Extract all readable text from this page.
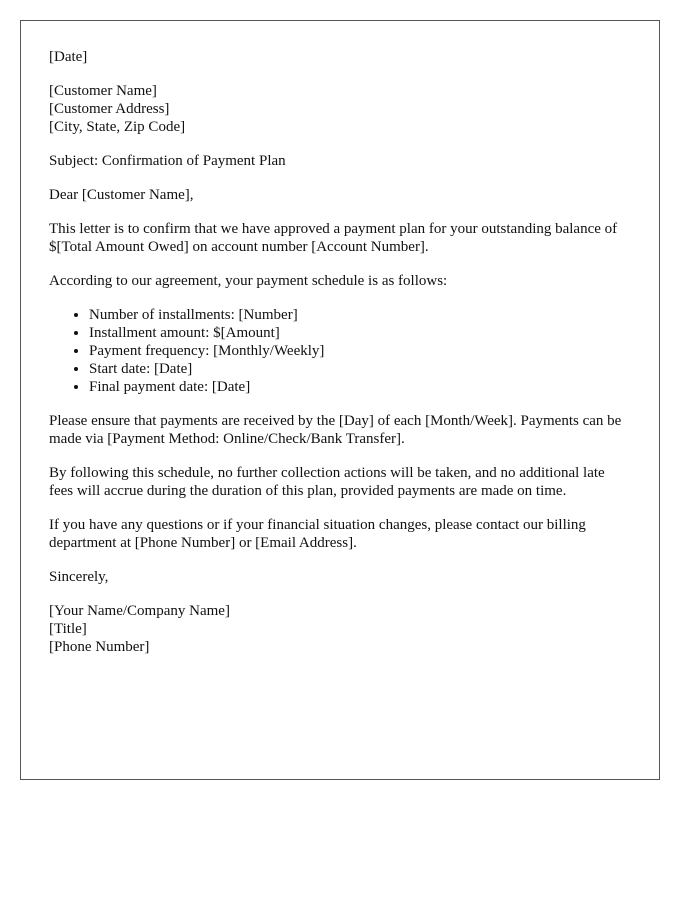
[Date]

[Customer Name]
[Customer Address]
[City, State, Zip Code]

Subject: Confirmation of Payment Plan

Dear [Customer Name],

This letter is to confirm that we have approved a payment plan for your outstanding balance of $[Total Amount Owed] on account number [Account Number].

According to our agreement, your payment schedule is as follows:

• Number of installments: [Number]
• Installment amount: $[Amount]
• Payment frequency: [Monthly/Weekly]
• Start date: [Date]
• Final payment date: [Date]

Please ensure that payments are received by the [Day] of each [Month/Week]. Payments can be made via [Payment Method: Online/Check/Bank Transfer].

By following this schedule, no further collection actions will be taken, and no additional late fees will accrue during the duration of this plan, provided payments are made on time.

If you have any questions or if your financial situation changes, please contact our billing department at [Phone Number] or [Email Address].

Sincerely,

[Your Name/Company Name]
[Title]
[Phone Number]
